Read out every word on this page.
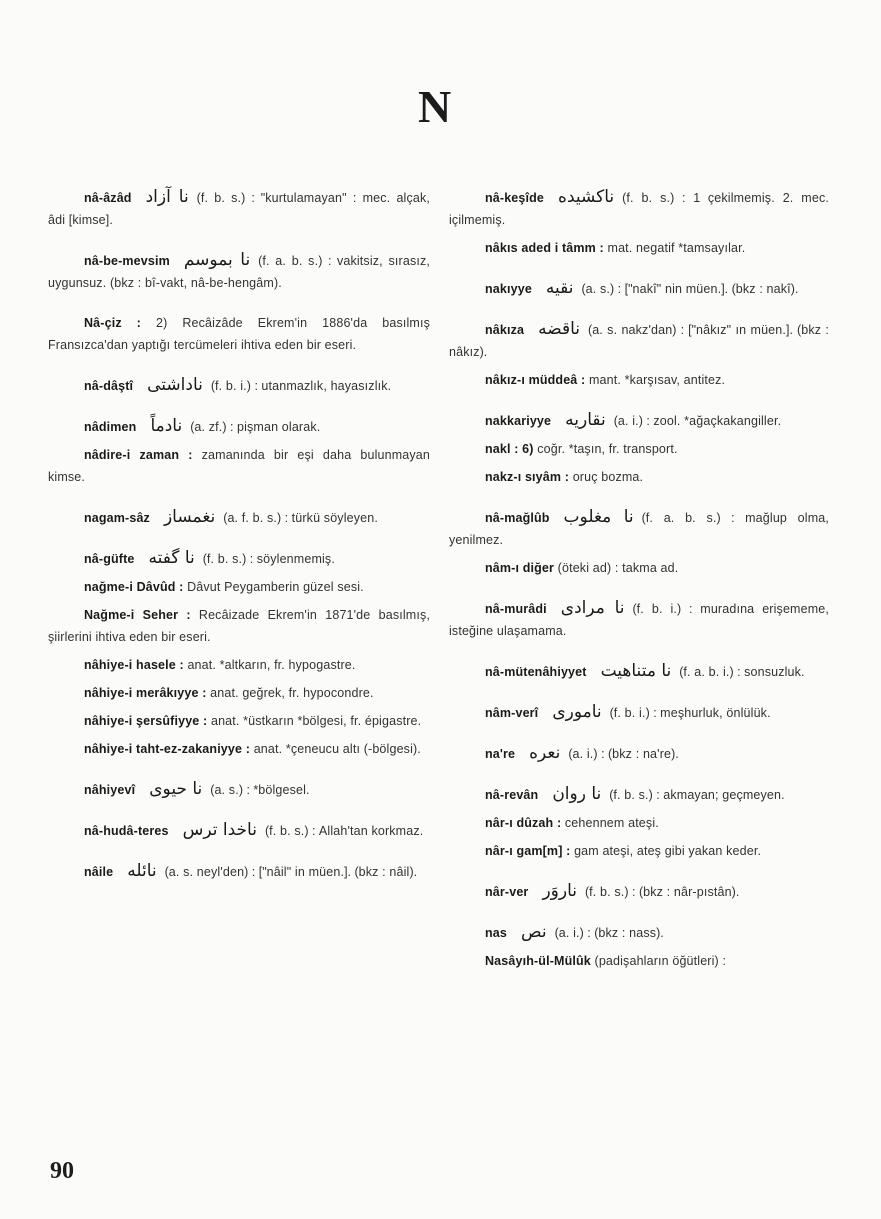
N

nâ-âzâd نا آزاد (f. b. s.) : "kurtulamayan" : mec. alçak, âdi [kimse].

nâ-be-mevsim نا بموسم (f. a. b. s.) : vakitsiz, sırasız, uygunsuz. (bkz : bî-vakt, nâ-be-hengâm).

Nâ-çiz : 2) Recâizâde Ekrem'in 1886'da basılmış Fransızca'dan yaptığı tercümeleri ihtiva eden bir eseri.

nâ-dâştî ناداشتی (f. b. i.) : utanmazlık, hayasızlık.

nâdimen نادماً (a. zf.) : pişman olarak.

nâdire-i zaman : zamanında bir eşi daha bulunmayan kimse.

nagam-sâz نغمساز (a. f. b. s.) : türkü söyleyen.

nâ-güfte نا گفته (f. b. s.) : söylenmemiş.

nağme-i Dâvûd : Dâvut Peygamberin güzel sesi.

Nağme-i Seher : Recâizade Ekrem'in 1871'de basılmış, şiirlerini ihtiva eden bir eseri.

nâhiye-i hasele : anat. *altkarın, fr. hypogastre.

nâhiye-i merâkıyye : anat. geğrek, fr. hypocondre.

nâhiye-i şersûfiyye : anat. *üstkarın *bölgesi, fr. épigastre.

nâhiye-i taht-ez-zakaniyye : anat. *çeneucu altı (-bölgesi).

nâhiyevî نا حیوی (a. s.) : *bölgesel.

nâ-hudâ-teres ناخدا ترس (f. b. s.) : Allah'tan korkmaz.

nâile نائله (a. s. neyl'den) : ["nâil" in müen.]. (bkz : nâil).

nâ-keşîde ناکشیده (f. b. s.) : 1 çekilmemiş. 2. mec. içilmemiş.

nâkıs aded i tâmm : mat. negatif *tamsayılar.

nakıyye نقیه (a. s.) : ["nakî" nin müen.]. (bkz : nakî).

nâkıza ناقضه (a. s. nakz'dan) : ["nâkız" ın müen.]. (bkz : nâkız).

nâkız-ı müddeâ : mant. *karşısav, antitez.

nakkariyye نقاریه (a. i.) : zool. *ağaçkakangiller.

nakl : 6) coğr. *taşın, fr. transport.

nakz-ı sıyâm : oruç bozma.

nâ-mağlûb نا مغلوب (f. a. b. s.) : mağlup olma, yenilmez.

nâm-ı diğer (öteki ad) : takma ad.

nâ-murâdi نا مرادی (f. b. i.) : muradına erişememe, isteğine ulaşamama.

nâ-mütenâhiyyet نا متناهیت (f. a. b. i.) : sonsuzluk.

nâm-verî ناموری (f. b. i.) : meşhurluk, önlülük.

na're نعره (a. i.) : (bkz : na're).

nâ-revân نا روان (f. b. s.) : akmayan; geçmeyen.

nâr-ı dûzah : cehennem ateşi.

nâr-ı gam[m] : gam ateşi, ateş gibi yakan keder.

nâr-ver ناروَر (f. b. s.) : (bkz : nâr-pıstân).

nas نص (a. i.) : (bkz : nass).

Nasâyıh-ül-Mülûk (padişahların öğütleri) :

90
